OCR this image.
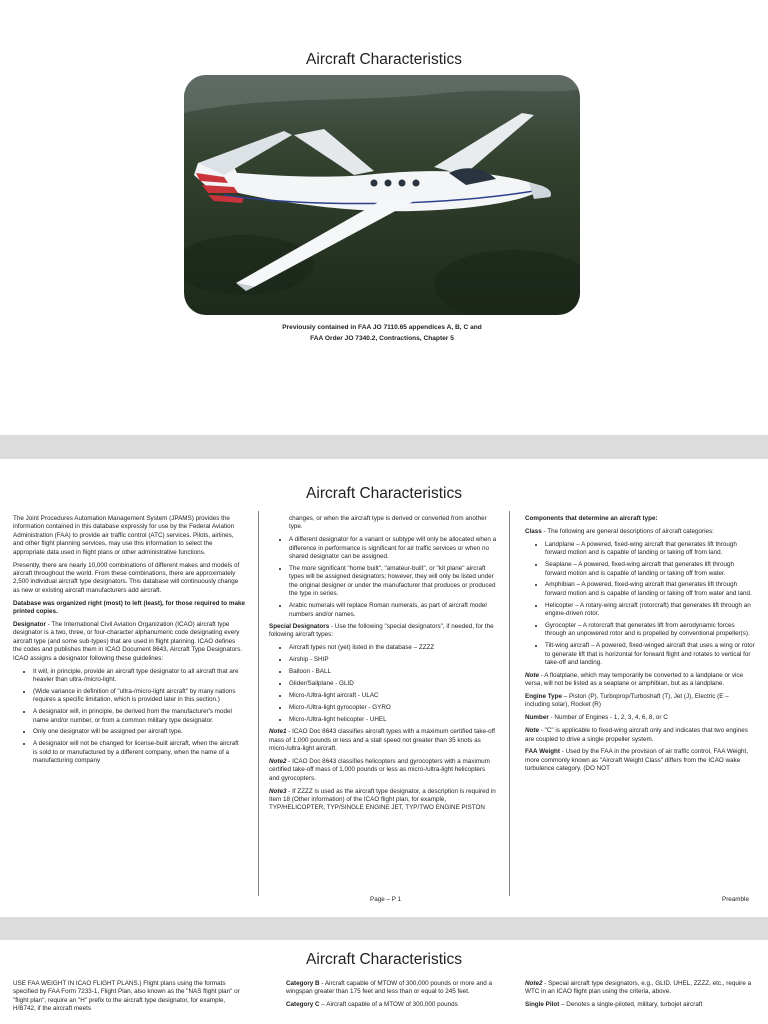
Aircraft Characteristics
Previously contained in FAA JO 7110.65 appendices A, B, C and
FAA Order JO 7340.2, Contractions, Chapter 5
Aircraft Characteristics

The Joint Procedures Automation Management System (JPAMS) provides the information contained in this database expressly for use by the Federal Aviation Administration (FAA) to provide air traffic control (ATC) services. Pilots, airlines, and other flight planning services, may use this information to select the appropriate data used in flight plans or other administrative functions.

Presently, there are nearly 10,000 combinations of different makes and models of aircraft throughout the world. From these combinations, there are approximately 2,500 individual aircraft type designators. This database will continuously change as new or existing aircraft manufacturers add aircraft.

Database was organized right (most) to left (least), for those required to make printed copies.

Designator - The International Civil Aviation Organization (ICAO) aircraft type designator is a two, three, or four-character alphanumeric code designating every aircraft type (and some sub-types) that are used in flight planning. ICAO defines the codes and publishes them in ICAO Document 8643, Aircraft Type Designators. ICAO assigns a designator following these guidelines:

• It will, in principle, provide an aircraft type designator to all aircraft that are heavier than ultra-/micro-light.
• (Wide variance in definition of "ultra-/micro-light aircraft" by many nations requires a specific limitation, which is provided later in this section.)
• A designator will, in principle, be derived from the manufacturer's model name and/or number, or from a common military type designator.
• Only one designator will be assigned per aircraft type.
• A designator will not be changed for license-built aircraft, when the aircraft is sold to or manufactured by a different company, when the name of a manufacturing company

changes, or when the aircraft type is derived or converted from another type.

• A different designator for a variant or subtype will only be allocated when a difference in performance is significant for air traffic services or when no shared designator can be assigned.
• The more significant "home built", "amateur-built", or "kit plane" aircraft types will be assigned designators; however, they will only be listed under the original designer or under the manufacturer that produces or produced the type in series.
• Arabic numerals will replace Roman numerals, as part of aircraft model numbers and/or names.

Special Designators - Use the following "special designators", if needed, for the following aircraft types:

• Aircraft types not (yet) listed in the database – ZZZZ
• Airship - SHIP
• Balloon - BALL
• Glider/Sailplane - GLID
• Micro-/Ultra-light aircraft - ULAC
• Micro-/Ultra-light gyrocopter - GYRO
• Micro-/Ultra-light helicopter - UHEL

Note1 - ICAO Doc 8643 classifies aircraft types with a maximum certified take-off mass of 1,000 pounds or less and a stall speed not greater than 35 knots as micro-/ultra-light aircraft.

Note2 - ICAO Doc 8643 classifies helicopters and gyrocopters with a maximum certified take-off mass of 1,000 pounds or less as micro-/ultra-light helicopters and gyrocopters.

Note3 - If ZZZZ is used as the aircraft type designator, a description is required in Item 18 (Other information) of the ICAO flight plan, for example, TYP/HELICOPTER, TYP/SINGLE ENGINE JET, TYP/TWO ENGINE PISTON

Components that determine an aircraft type:

Class - The following are general descriptions of aircraft categories:

• Landplane – A powered, fixed-wing aircraft that generates lift through forward motion and is capable of landing or taking off from land.
• Seaplane – A powered, fixed-wing aircraft that generates lift through forward motion and is capable of landing or taking off from water.
• Amphibian – A powered, fixed-wing aircraft that generates lift through forward motion and is capable of landing or taking off from water and land.
• Helicopter – A rotary-wing aircraft (rotorcraft) that generates lift through an engine-driven rotor.
• Gyrocopter – A rotorcraft that generates lift from aerodynamic forces through an unpowered rotor and is propelled by conventional propeller(s).
• Tilt-wing aircraft – A powered, fixed-winged aircraft that uses a wing or rotor to generate lift that is horizontal for forward flight and rotates to vertical for take-off and landing.

Note - A floatplane, which may temporarily be converted to a landplane or vice versa, will not be listed as a seaplane or amphibian, but as a landplane.

Engine Type – Piston (P), Turboprop/Turboshaft (T), Jet (J), Electric (E – including solar), Rocket (R)

Number - Number of Engines - 1, 2, 3, 4, 6, 8, or C

Note - "C" is applicable to fixed-wing aircraft only and indicates that two engines are coupled to drive a single propeller system.

FAA Weight - Used by the FAA in the provision of air traffic control, FAA Weight, more commonly known as "Aircraft Weight Class" differs from the ICAO wake turbulence category. (DO NOT

Page – P 1	Preamble
Aircraft Characteristics

USE FAA WEIGHT IN ICAO FLIGHT PLANS.) Flight plans using the formats specified by FAA Form 7233-1, Flight Plan, also known as the "NAS flight plan" or "flight plan", require an "H" prefix to the aircraft type designator, for example, H/B742, if the aircraft meets

Category B - Aircraft capable of MTOW of 300,000 pounds or more and a wingspan greater than 175 feet and less than or equal to 245 feet.

Category C – Aircraft capable of a MTOW of 300,000 pounds

Note2 - Special aircraft type designators, e.g., GLID, UHEL, ZZZZ, etc., require a WTC in an ICAO flight plan using the criteria, above.

Single Pilot – Denotes a single-piloted, military, turbojet aircraft
